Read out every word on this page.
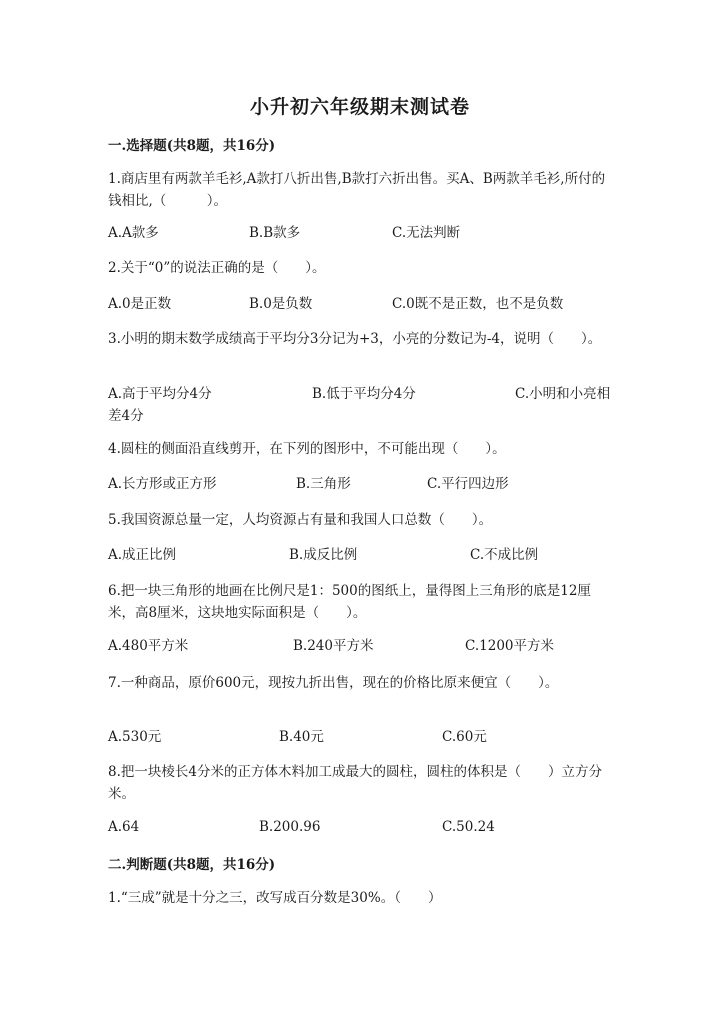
小升初六年级期末测试卷
一.选择题(共8题，共16分)
1.商店里有两款羊毛衫,A款打八折出售,B款打六折出售。买A、B两款羊毛衫,所付的钱相比,（　　　）。
A.A款多	B.B款多	C.无法判断
2.关于“0”的说法正确的是（　　）。
A.0是正数	B.0是负数	C.0既不是正数，也不是负数
3.小明的期末数学成绩高于平均分3分记为+3，小亮的分数记为-4，说明（　　）。
A.高于平均分4分	B.低于平均分4分	C.小明和小亮相差4分
4.圆柱的侧面沿直线剪开，在下列的图形中，不可能出现（　　）。
A.长方形或正方形	B.三角形	C.平行四边形
5.我国资源总量一定，人均资源占有量和我国人口总数（　　）。
A.成正比例	B.成反比例	C.不成比例
6.把一块三角形的地画在比例尺是1：500的图纸上，量得图上三角形的底是12厘米，高8厘米，这块地实际面积是（　　）。
A.480平方米	B.240平方米	C.1200平方米
7.一种商品，原价600元，现按九折出售，现在的价格比原来便宜（　　）。
A.530元	B.40元	C.60元
8.把一块棱长4分米的正方体木料加工成最大的圆柱，圆柱的体积是（　　）立方分米。
A.64	B.200.96	C.50.24
二.判断题(共8题，共16分)
1.“三成”就是十分之三，改写成百分数是30%。（　　）
